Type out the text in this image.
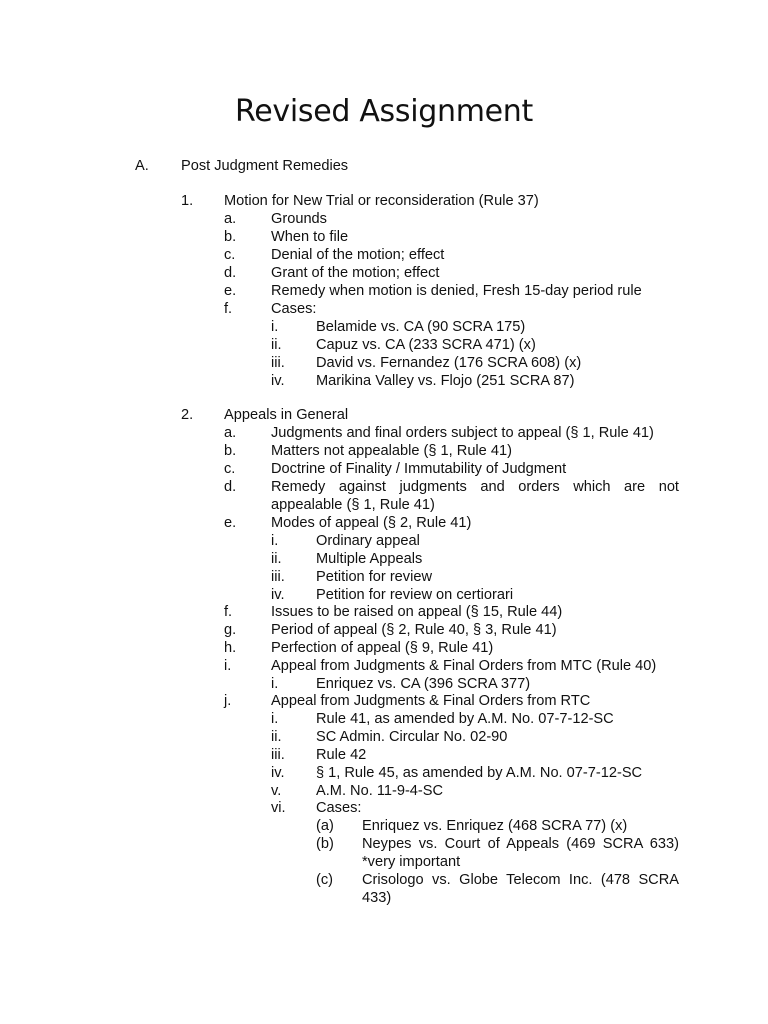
Revised Assignment
A. Post Judgment Remedies
1. Motion for New Trial or reconsideration (Rule 37)
a. Grounds
b. When to file
c. Denial of the motion; effect
d. Grant of the motion; effect
e. Remedy when motion is denied, Fresh 15-day period rule
f.	Cases:
i.	Belamide vs. CA (90 SCRA 175)
ii. Capuz vs. CA (233 SCRA 471) (x)
iii. David vs. Fernandez (176 SCRA 608) (x)
iv. Marikina Valley vs. Flojo (251 SCRA 87)
2. Appeals in General
a. Judgments and final orders subject to appeal (§ 1, Rule 41)
b. Matters not appealable (§ 1, Rule 41)
c. Doctrine of Finality / Immutability of Judgment
d. Remedy against judgments and orders which are not
appealable (§ 1, Rule 41)
e. Modes of appeal (§ 2, Rule 41)
i.	Ordinary appeal
ii. Multiple Appeals
iii. Petition for review
iv. Petition for review on certiorari
f.	Issues to be raised on appeal (§ 15, Rule 44)
g. Period of appeal (§ 2, Rule 40, § 3, Rule 41)
h. Perfection of appeal (§ 9, Rule 41)
i.	Appeal from Judgments & Final Orders from MTC (Rule 40)
i.	Enriquez vs. CA (396 SCRA 377)
j.	Appeal from Judgments & Final Orders from RTC
i.	Rule 41, as amended by A.M. No. 07-7-12-SC
ii. SC Admin. Circular No. 02-90
iii. Rule 42
iv. § 1, Rule 45, as amended by A.M. No. 07-7-12-SC
v. A.M. No. 11-9-4-SC
vi. Cases:
(a) Enriquez vs. Enriquez (468 SCRA 77) (x)
(b) Neypes vs. Court of Appeals (469 SCRA 633)
*very important
(c) Crisologo vs. Globe Telecom Inc. (478 SCRA
433)
